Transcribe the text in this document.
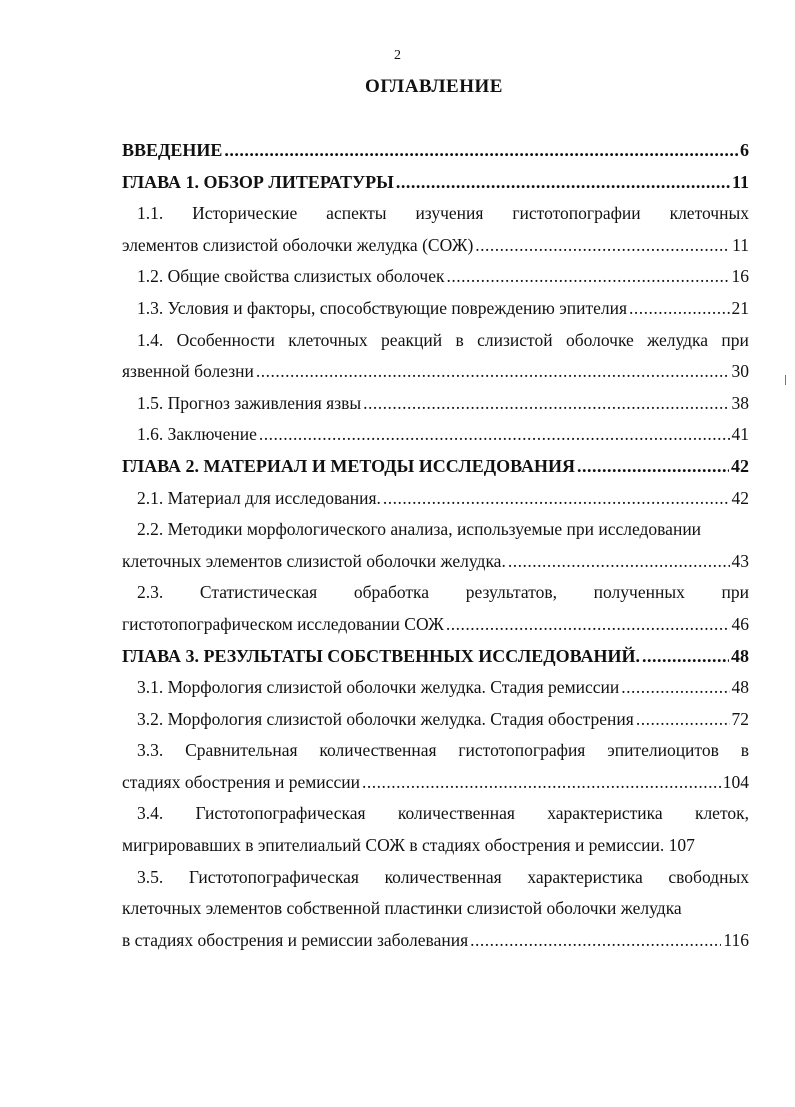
2
ОГЛАВЛЕНИЕ
ВВЕДЕНИЕ .....	6
ГЛАВА 1. ОБЗОР ЛИТЕРАТУРЫ .....	11
1.1. Исторические аспекты изучения гистотопографии клеточных
элементов слизистой оболочки желудка (СОЖ) .....	11
1.2. Общие свойства слизистых оболочек .....	16
1.3. Условия и факторы, способствующие повреждению эпителия .....	21
1.4. Особенности клеточных реакций в слизистой оболочке желудка при
язвенной болезни .....	30
1.5. Прогноз заживления язвы .....	38
1.6. Заключение .....	41
ГЛАВА 2. МАТЕРИАЛ И МЕТОДЫ ИССЛЕДОВАНИЯ .....	42
2.1. Материал для исследования. .....	42
2.2. Методики морфологического анализа, используемые при исследовании
клеточных элементов слизистой оболочки желудка. .....	43
2.3. Статистическая обработка результатов, полученных при
гистотопографическом исследовании СОЖ .....	46
ГЛАВА 3. РЕЗУЛЬТАТЫ СОБСТВЕННЫХ ИССЛЕДОВАНИЙ. .....	48
3.1. Морфология слизистой оболочки желудка. Стадия ремиссии .....	48
3.2. Морфология слизистой оболочки желудка. Стадия обострения .....	72
3.3. Сравнительная количественная гистотопография эпителиоцитов в
стадиях обострения и ремиссии .....	104
3.4. Гистотопографическая количественная характеристика клеток,
мигрировавших в эпителиальий СОЖ в стадиях обострения и ремиссии. 107
3.5. Гистотопографическая количественная характеристика свободных
клеточных элементов собственной пластинки слизистой оболочки желудка
в стадиях обострения и ремиссии заболевания .....	116
